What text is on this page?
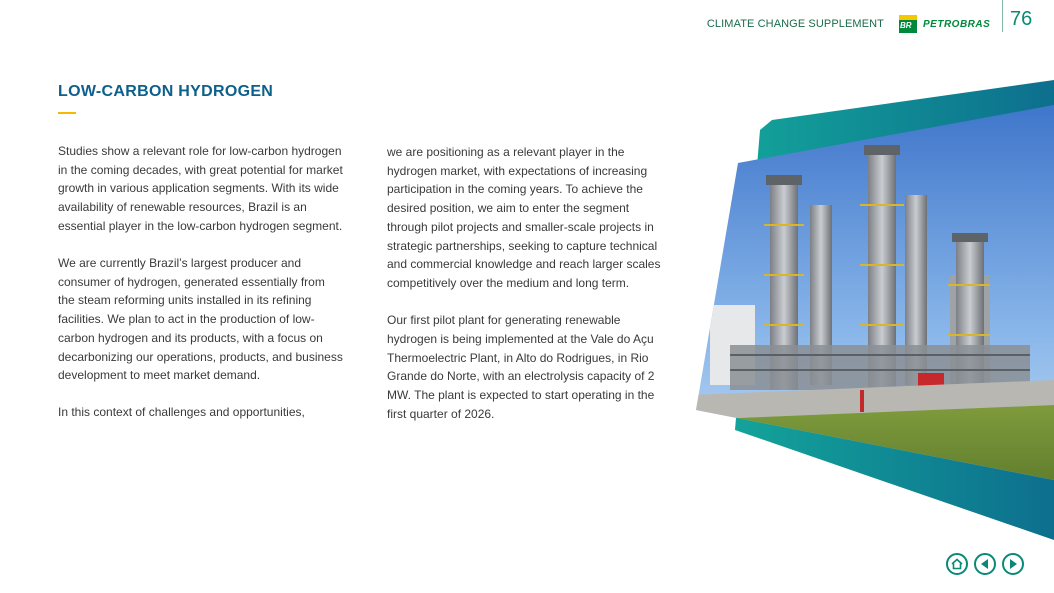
CLIMATE CHANGE SUPPLEMENT BR PETROBRAS 76
LOW-CARBON HYDROGEN

Studies show a relevant role for low-carbon hydrogen in the coming decades, with great potential for market growth in various application segments. With its wide availability of renewable resources, Brazil is an essential player in the low-carbon hydrogen segment.

We are currently Brazil’s largest producer and consumer of hydrogen, generated essentially from the steam reforming units installed in its refining facilities. We plan to act in the production of low-carbon hydrogen and its products, with a focus on decarbonizing our operations, products, and business development to meet market demand.

In this context of challenges and opportunities,

we are positioning as a relevant player in the hydrogen market, with expectations of increasing participation in the coming years. To achieve the desired position, we aim to enter the segment through pilot projects and smaller-scale projects in strategic partnerships, seeking to capture technical and commercial knowledge and reach larger scales competitively over the medium and long term.

Our first pilot plant for generating renewable hydrogen is being implemented at the Vale do Açu Thermoelectric Plant, in Alto do Rodrigues, in Rio Grande do Norte, with an electrolysis capacity of 2 MW. The plant is expected to start operating in the first quarter of 2026.
